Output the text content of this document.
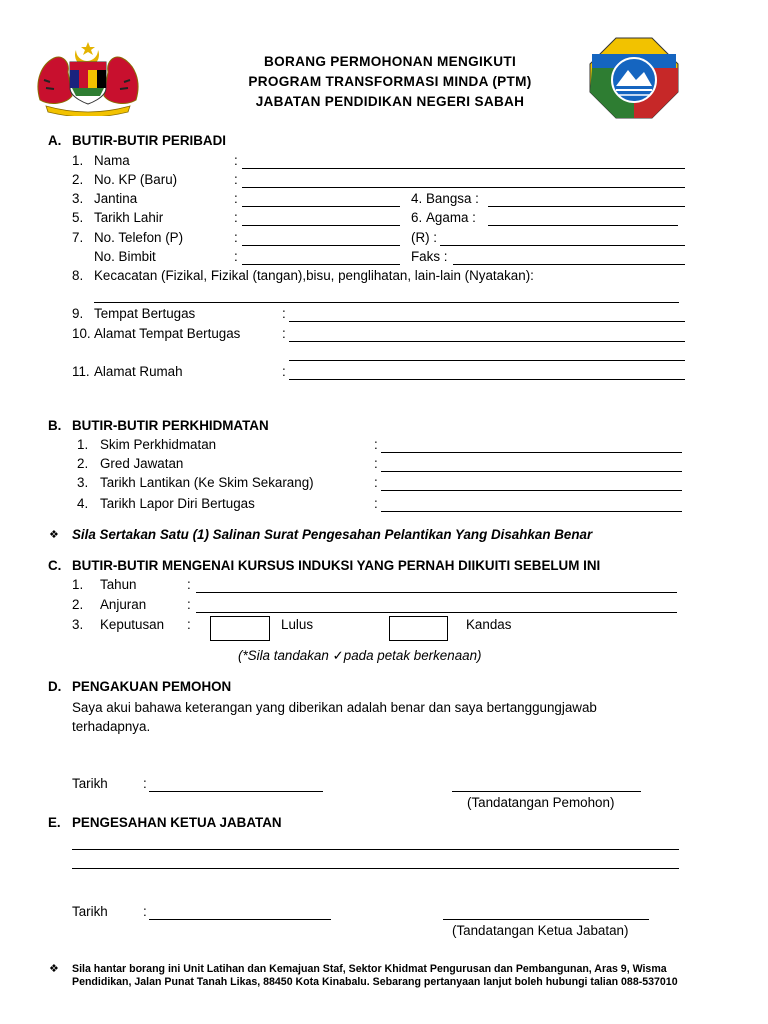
BORANG PERMOHONAN MENGIKUTI
PROGRAM TRANSFORMASI MINDA (PTM)
JABATAN PENDIDIKAN NEGERI SABAH
A. BUTIR-BUTIR PERIBADI
1. Nama	:
2. No. KP (Baru)	:
3. Jantina	:	4. Bangsa :
5. Tarikh Lahir	:	6. Agama :
7. No. Telefon (P)	:	(R) :
No. Bimbit	:	Faks :
8. Kecacatan (Fizikal, Fizikal (tangan),bisu, penglihatan, lain-lain (Nyatakan):
9. Tempat Bertugas	:
10. Alamat Tempat Bertugas	:
11. Alamat Rumah	:
B. BUTIR-BUTIR PERKHIDMATAN
1. Skim Perkhidmatan	:
2. Gred Jawatan	:
3. Tarikh Lantikan (Ke Skim Sekarang)	:
4. Tarikh Lapor Diri Bertugas	:
❖ Sila Sertakan Satu (1) Salinan Surat Pengesahan Pelantikan Yang Disahkan Benar
C. BUTIR-BUTIR MENGENAI KURSUS INDUKSI YANG PERNAH DIIKUITI SEBELUM INI
1. Tahun	:
2. Anjuran	:
3. Keputusan :	Lulus	Kandas
(*Sila tandakan ✓pada petak berkenaan)
D. PENGAKUAN PEMOHON
Saya akui bahawa keterangan yang diberikan adalah benar dan saya bertanggungjawab
terhadapnya.
Tarikh	:
(Tandatangan Pemohon)
E. PENGESAHAN KETUA JABATAN
Tarikh	:
(Tandatangan Ketua Jabatan)
❖ Sila hantar borang ini Unit Latihan dan Kemajuan Staf, Sektor Khidmat Pengurusan dan Pembangunan, Aras 9, Wisma Pendidikan, Jalan Punat Tanah Likas, 88450 Kota Kinabalu. Sebarang pertanyaan lanjut boleh hubungi talian 088-537010
